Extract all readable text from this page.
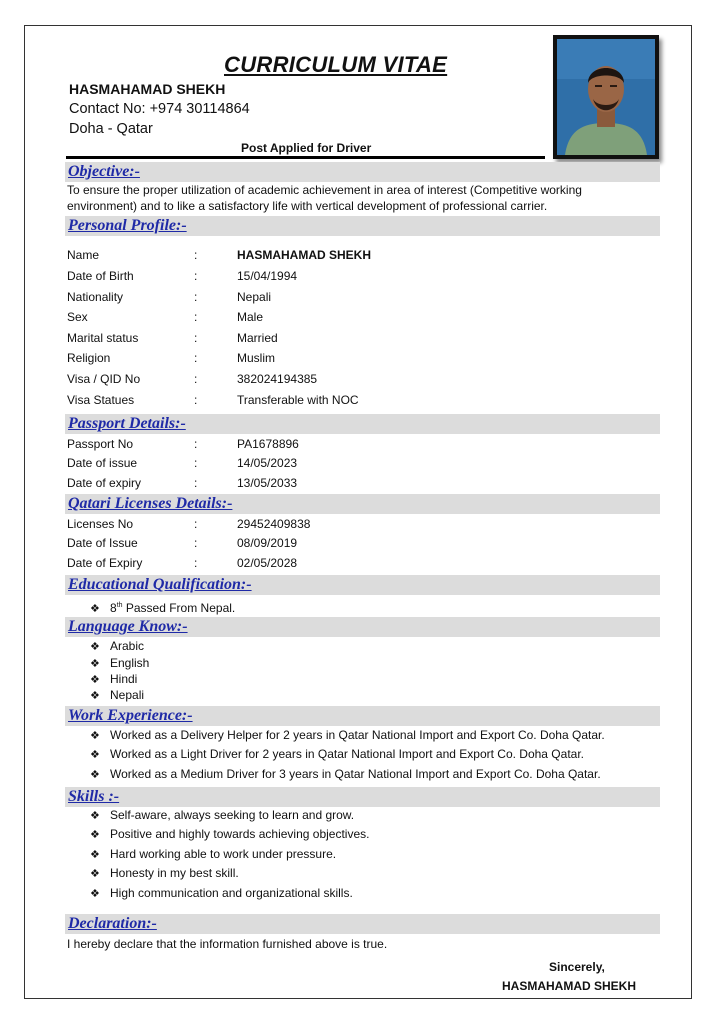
CURRICULUM VITAE
HASMAHAMAD SHEKH
Contact No: +974 30114864
Doha - Qatar
Post Applied for Driver
Objective:-
To ensure the proper utilization of academic achievement in area of interest (Competitive working
environment) and to like a satisfactory life with vertical development of professional carrier.
Personal Profile:-
Name	:	HASMAHAMAD SHEKH
Date of Birth	:	15/04/1994
Nationality	:	Nepali
Sex	:	Male
Marital status	:	Married
Religion	:	Muslim
Visa / QID No	:	382024194385
Visa Statues	:	Transferable with NOC
Passport Details:-
Passport No	:	PA1678896
Date of issue	:	14/05/2023
Date of expiry	:	13/05/2033
Qatari Licenses Details:-
Licenses No	:	29452409838
Date of Issue	:	08/09/2019
Date of Expiry	:	02/05/2028
Educational Qualification:-
❖ 8th Passed From Nepal.
Language Know:-
❖ Arabic
❖ English
❖ Hindi
❖ Nepali
Work Experience:-
❖ Worked as a Delivery Helper for 2 years in Qatar National Import and Export Co. Doha Qatar.
❖ Worked as a Light Driver for 2 years in Qatar National Import and Export Co. Doha Qatar.
❖ Worked as a Medium Driver for 3 years in Qatar National Import and Export Co. Doha Qatar.
Skills :-
❖ Self-aware, always seeking to learn and grow.
❖ Positive and highly towards achieving objectives.
❖ Hard working able to work under pressure.
❖ Honesty in my best skill.
❖ High communication and organizational skills.
Declaration:-
I hereby declare that the information furnished above is true.
Sincerely,
HASMAHAMAD SHEKH
